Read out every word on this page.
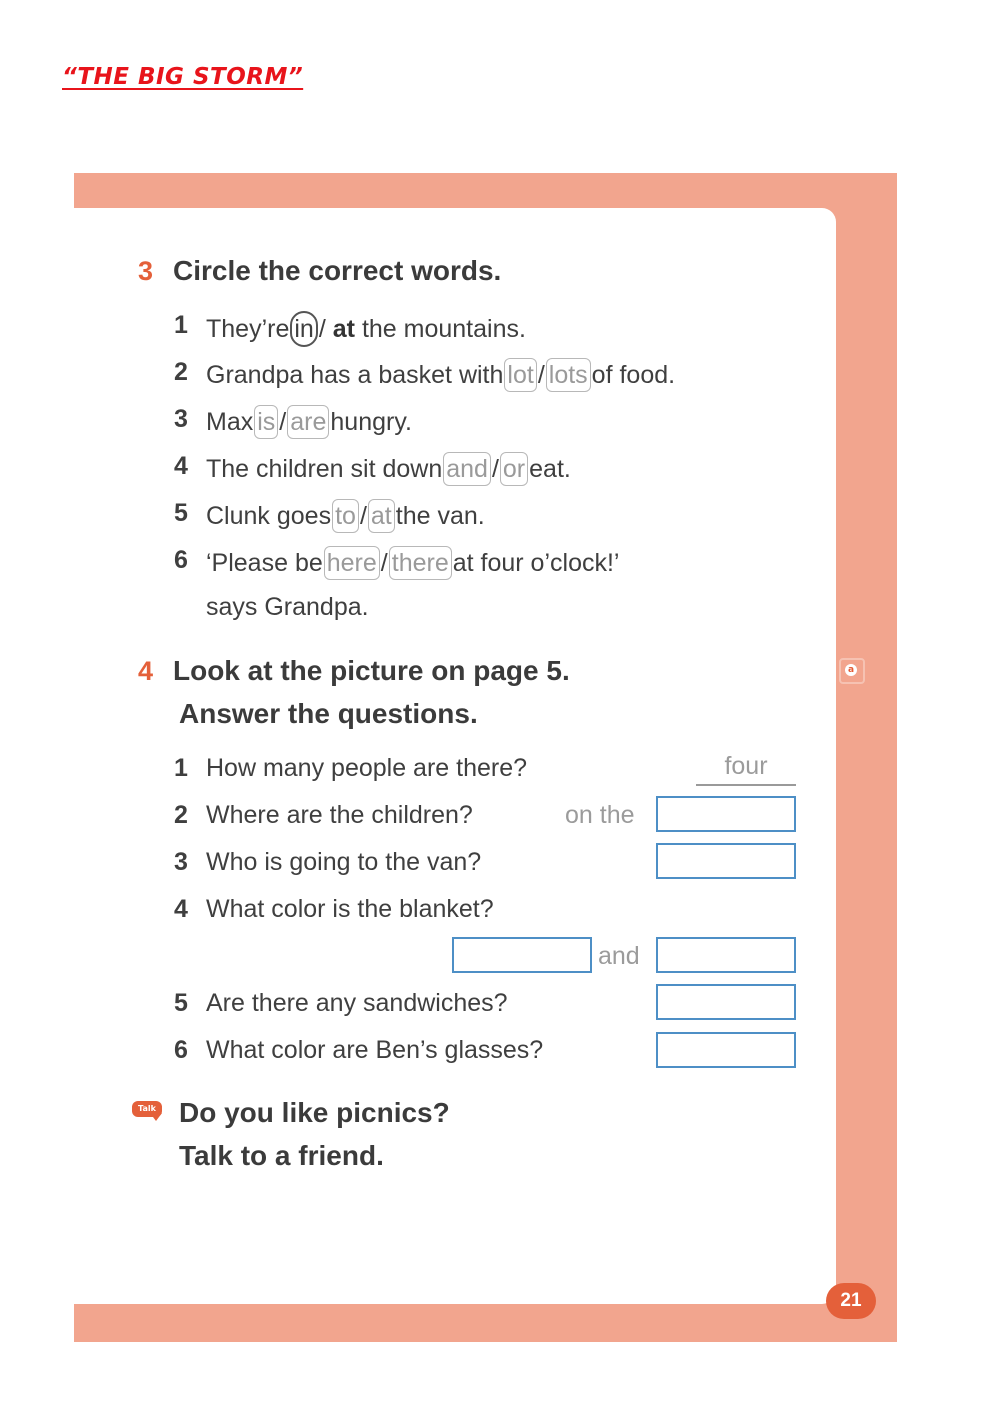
“THE BIG STORM”
a
3 Circle the correct words.
1 They’re in / at the mountains.
2 Grandpa has a basket with lot / lots of food.
3 Max is / are hungry.
4 The children sit down and / or eat.
5 Clunk goes to / at the van.
6 ‘Please be here / there at four o’clock!’
says Grandpa.
4 Look at the picture on page 5.
Answer the questions.
1 How many people are there?	four
2 Where are the children?	on the
3 Who is going to the van?
4 What color is the blanket?
and
5 Are there any sandwiches?
6 What color are Ben’s glasses?
Talk Do you like picnics?
Talk to a friend.
21
